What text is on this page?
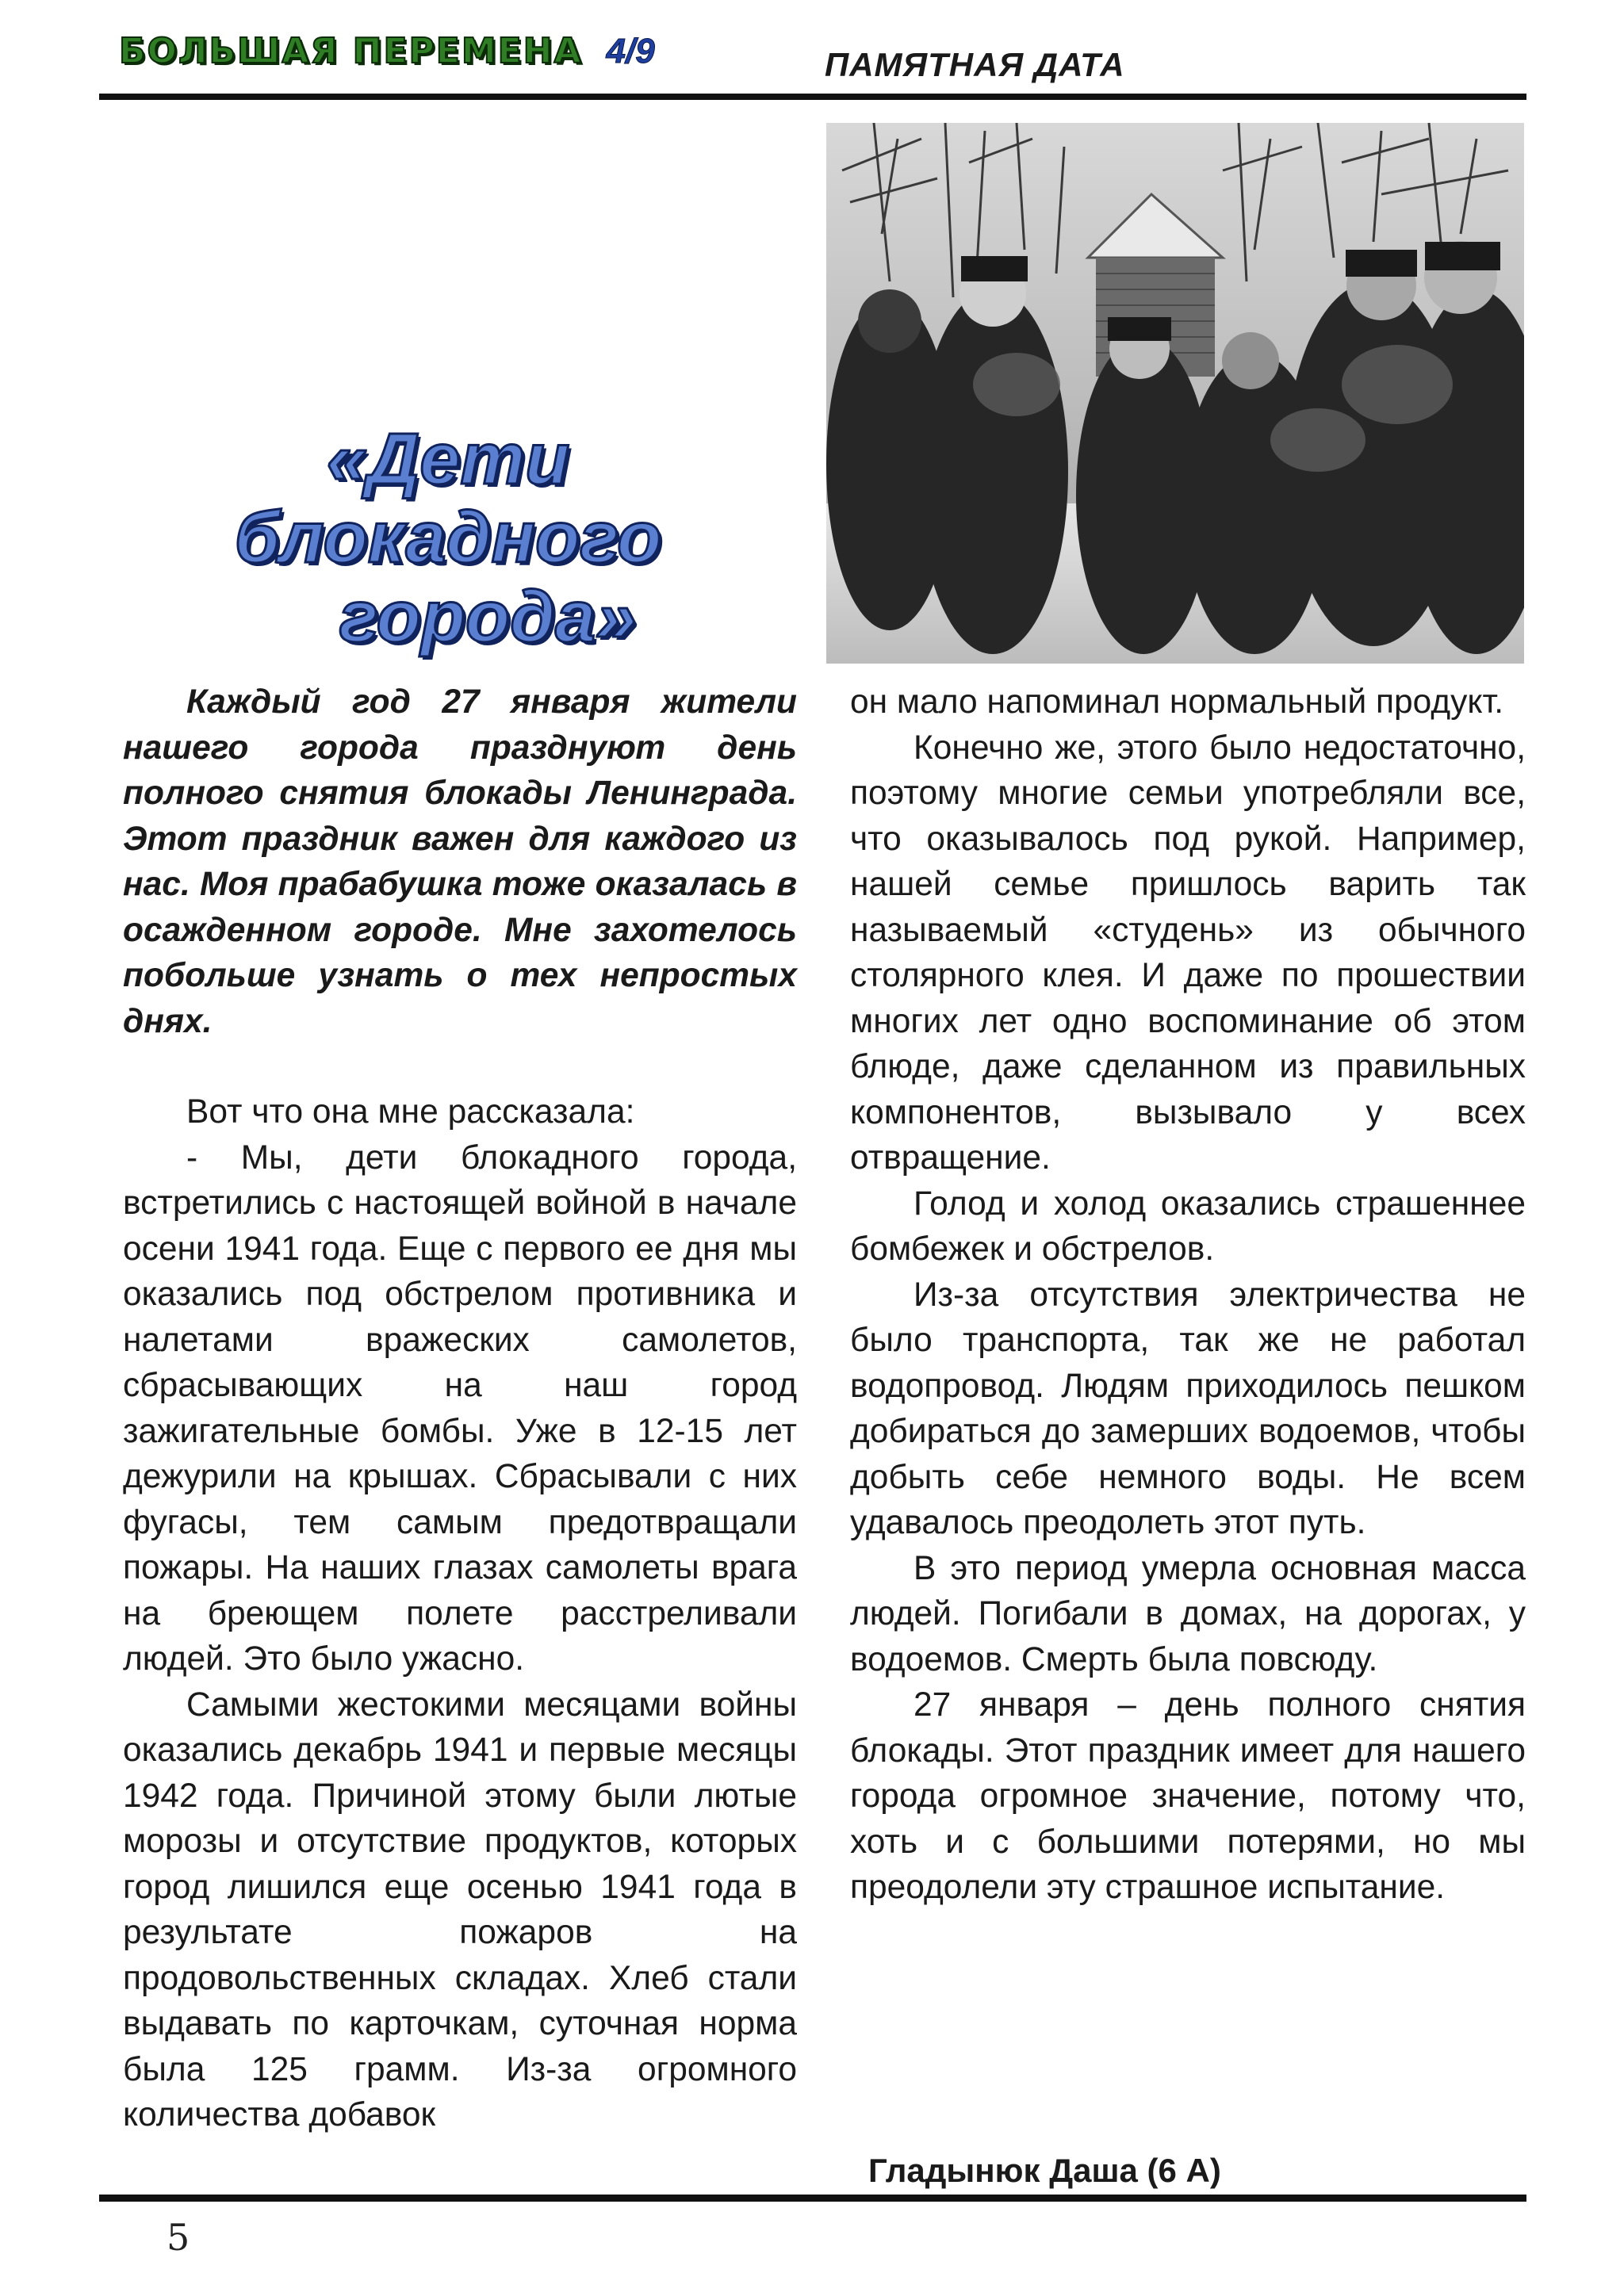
БОЛЬШАЯ ПЕРЕМЕНА 4/9	ПАМЯТНАЯ ДАТА
«Дети блокадного
города»

Каждый год 27 января жители нашего города празднуют день полного снятия блокады Ленинграда. Этот праздник важен для каждого из нас. Моя прабабушка тоже оказалась в осажденном городе. Мне захотелось побольше узнать о тех непростых днях.

Вот что она мне рассказала:

- Мы, дети блокадного города, встретились с настоящей войной в начале осени 1941 года. Еще с первого ее дня мы оказались под обстрелом противника и налетами вражеских самолетов, сбрасывающих на наш город зажигательные бомбы. Уже в 12-15 лет дежурили на крышах. Сбрасывали с них фугасы, тем самым предотвращали пожары. На наших глазах самолеты врага на бреющем полете расстреливали людей. Это было ужасно.

Самыми жестокими месяцами войны оказались декабрь 1941 и первые месяцы 1942 года. Причиной этому были лютые морозы и отсутствие продуктов, которых город лишился еще осенью 1941 года в результате пожаров на продовольственных складах. Хлеб стали выдавать по карточкам, суточная норма была 125 грамм. Из-за огромного количества добавок

он мало напоминал нормальный продукт.

Конечно же, этого было недостаточно, поэтому многие семьи употребляли все, что оказывалось под рукой. Например, нашей семье пришлось варить так называемый «студень» из обычного столярного клея. И даже по прошествии многих лет одно воспоминание об этом блюде, даже сделанном из правильных компонентов, вызывало у всех отвращение.

Голод и холод оказались страшеннее бомбежек и обстрелов.

Из-за отсутствия электричества не было транспорта, так же не работал водопровод. Людям приходилось пешком добираться до замерших водоемов, чтобы добыть себе немного воды. Не всем удавалось преодолеть этот путь.

В это период умерла основная масса людей. Погибали в домах, на дорогах, у водоемов. Смерть была повсюду.

27 января – день полного снятия блокады. Этот праздник имеет для нашего города огромное значение, потому что, хоть и с большими потерями, но мы преодолели эту страшное испытание.

Гладынюк Даша (6 А)
5
